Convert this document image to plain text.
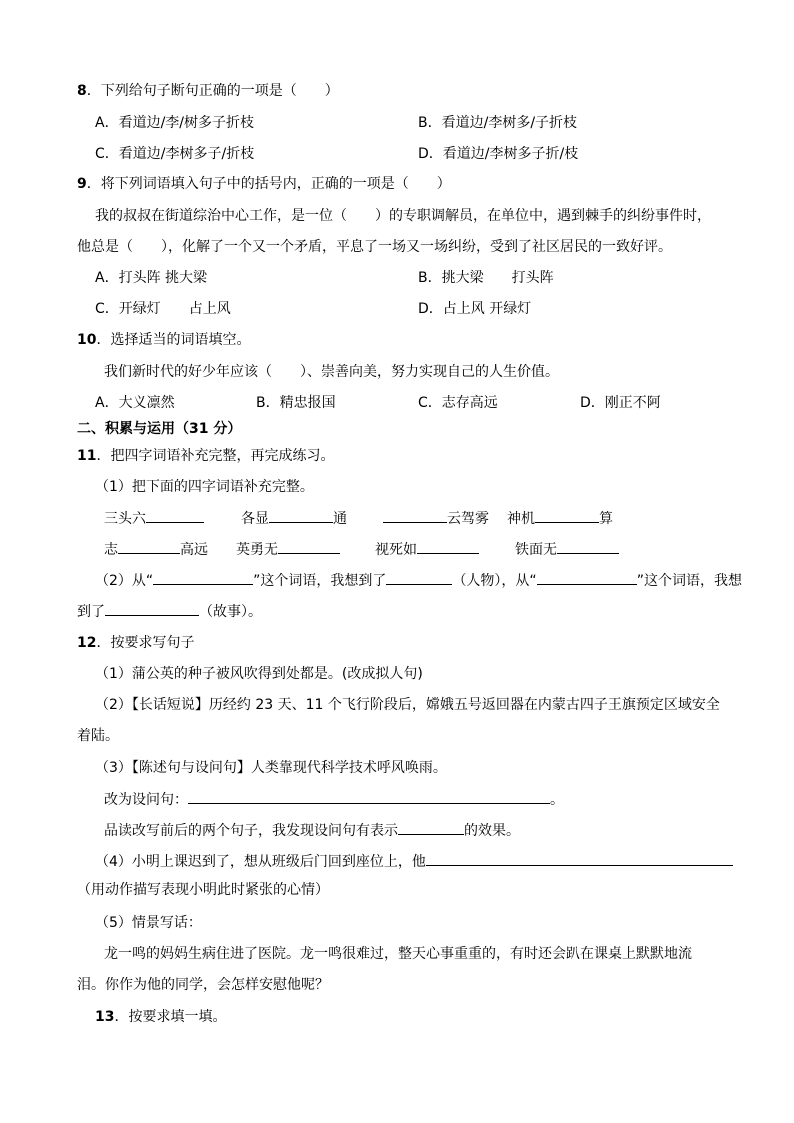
8．下列给句子断句正确的一项是（　　）
A．看道边/李/树多子折枝	B．看道边/李树多/子折枝
C．看道边/李树多子/折枝	D．看道边/李树多子折/枝
9．将下列词语填入句子中的括号内，正确的一项是（　　）
我的叔叔在街道综治中心工作，是一位（　　）的专职调解员，在单位中，遇到棘手的纠纷事件时，
他总是（　　），化解了一个又一个矛盾，平息了一场又一场纠纷，受到了社区居民的一致好评。
A．打头阵 挑大梁	B．挑大梁　　打头阵
C．开绿灯　　占上风	D．占上风 开绿灯
10．选择适当的词语填空。
我们新时代的好少年应该（　　）、崇善向美，努力实现自己的人生价值。
A．大义凛然	B．精忠报国	C．志存高远	D．刚正不阿
二、积累与运用（31 分）
11．把四字词语补充完整，再完成练习。
（1）把下面的四字词语补充完整。
三头六	各显	通	云驾雾 神机	算
志	高远 英勇无	视死如	铁面无
（2）从“	”这个词语，我想到了	（人物），从“	”这个词语，我想
到了	（故事）。
12．按要求写句子
（1）蒲公英的种子被风吹得到处都是。(改成拟人句)
（2）【长话短说】历经约 23 天、11 个飞行阶段后，嫦娥五号返回器在内蒙古四子王旗预定区域安全
着陆。
（3）【陈述句与设问句】人类靠现代科学技术呼风唤雨。
改为设问句：	。
品读改写前后的两个句子，我发现设问句有表示	的效果。
（4）小明上课迟到了，想从班级后门回到座位上，他
（用动作描写表现小明此时紧张的心情）
（5）情景写话：
龙一鸣的妈妈生病住进了医院。龙一鸣很难过，整天心事重重的，有时还会趴在课桌上默默地流
泪。你作为他的同学，会怎样安慰他呢？
13．按要求填一填。
